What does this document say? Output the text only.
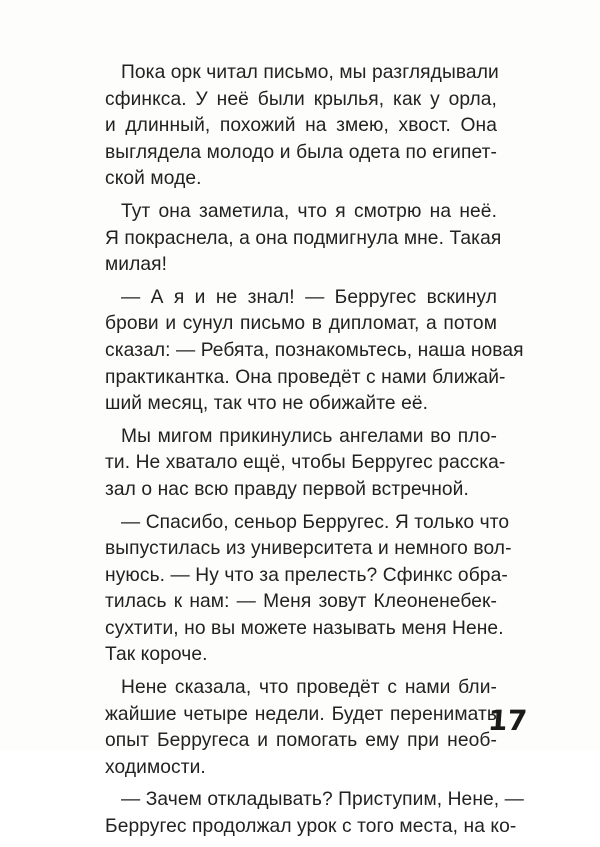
Пока орк читал письмо, мы разглядывали
сфинкса. У неё были крылья, как у орла,
и длинный, похожий на змею, хвост. Она
выглядела молодо и была одета по египет-
ской моде.

Тут она заметила, что я смотрю на неё.
Я покраснела, а она подмигнула мне. Такая
милая!

— А я и не знал! — Берругес вскинул
брови и сунул письмо в дипломат, а потом
сказал: — Ребята, познакомьтесь, наша новая
практикантка. Она проведёт с нами ближай-
ший месяц, так что не обижайте её.

Мы мигом прикинулись ангелами во пло-
ти. Не хватало ещё, чтобы Берругес расска-
зал о нас всю правду первой встречной.

— Спасибо, сеньор Берругес. Я только что
выпустилась из университета и немного вол-
нуюсь. — Ну что за прелесть? Сфинкс обра-
тилась к нам: — Меня зовут Клеоненебек-
сухтити, но вы можете называть меня Нене.
Так короче.

Нене сказала, что проведёт с нами бли-
жайшие четыре недели. Будет перенимать
опыт Берругеса и помогать ему при необ-
ходимости.

— Зачем откладывать? Приступим, Нене, —
Берругес продолжал урок с того места, на ко-

17
